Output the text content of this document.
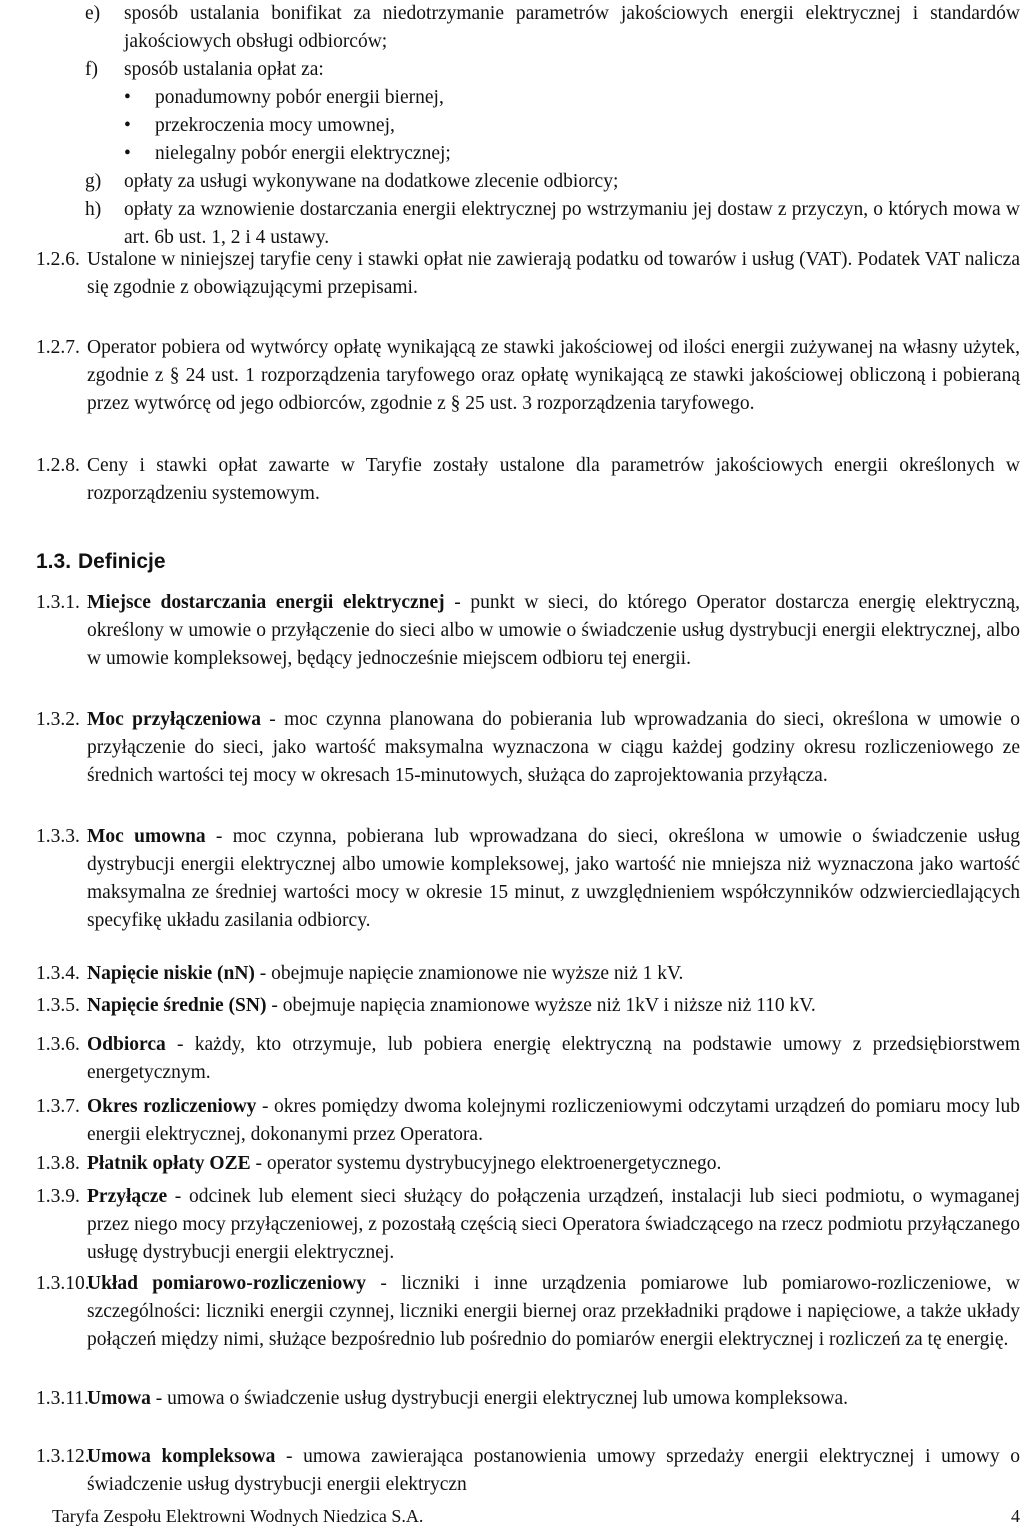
e) sposób ustalania bonifikat za niedotrzymanie parametrów jakościowych energii elektrycznej i standardów jakościowych obsługi odbiorców;
f) sposób ustalania opłat za:
• ponadumowny pobór energii biernej,
• przekroczenia mocy umownej,
• nielegalny pobór energii elektrycznej;
g) opłaty za usługi wykonywane na dodatkowe zlecenie odbiorcy;
h) opłaty za wznowienie dostarczania energii elektrycznej po wstrzymaniu jej dostaw z przyczyn, o których mowa w art. 6b ust. 1, 2 i 4 ustawy.
1.2.6. Ustalone w niniejszej taryfie ceny i stawki opłat nie zawierają podatku od towarów i usług (VAT). Podatek VAT nalicza się zgodnie z obowiązującymi przepisami.
1.2.7. Operator pobiera od wytwórcy opłatę wynikającą ze stawki jakościowej od ilości energii zużywanej na własny użytek, zgodnie z § 24 ust. 1 rozporządzenia taryfowego oraz opłatę wynikającą ze stawki jakościowej obliczoną i pobieraną przez wytwórcę od jego odbiorców, zgodnie z § 25 ust. 3 rozporządzenia taryfowego.
1.2.8. Ceny i stawki opłat zawarte w Taryfie zostały ustalone dla parametrów jakościowych energii określonych w rozporządzeniu systemowym.
1.3. Definicje
1.3.1. Miejsce dostarczania energii elektrycznej - punkt w sieci, do którego Operator dostarcza energię elektryczną, określony w umowie o przyłączenie do sieci albo w umowie o świadczenie usług dystrybucji energii elektrycznej, albo w umowie kompleksowej, będący jednocześnie miejscem odbioru tej energii.
1.3.2. Moc przyłączeniowa - moc czynna planowana do pobierania lub wprowadzania do sieci, określona w umowie o przyłączenie do sieci, jako wartość maksymalna wyznaczona w ciągu każdej godziny okresu rozliczeniowego ze średnich wartości tej mocy w okresach 15-minutowych, służąca do zaprojektowania przyłącza.
1.3.3. Moc umowna - moc czynna, pobierana lub wprowadzana do sieci, określona w umowie o świadczenie usług dystrybucji energii elektrycznej albo umowie kompleksowej, jako wartość nie mniejsza niż wyznaczona jako wartość maksymalna ze średniej wartości mocy w okresie 15 minut, z uwzględnieniem współczynników odzwierciedlających specyfikę układu zasilania odbiorcy.
1.3.4. Napięcie niskie (nN) - obejmuje napięcie znamionowe nie wyższe niż 1 kV.
1.3.5. Napięcie średnie (SN) - obejmuje napięcia znamionowe wyższe niż 1kV i niższe niż 110 kV.
1.3.6. Odbiorca - każdy, kto otrzymuje, lub pobiera energię elektryczną na podstawie umowy z przedsiębiorstwem energetycznym.
1.3.7. Okres rozliczeniowy - okres pomiędzy dwoma kolejnymi rozliczeniowymi odczytami urządzeń do pomiaru mocy lub energii elektrycznej, dokonanymi przez Operatora.
1.3.8. Płatnik opłaty OZE - operator systemu dystrybucyjnego elektroenergetycznego.
1.3.9. Przyłącze - odcinek lub element sieci służący do połączenia urządzeń, instalacji lub sieci podmiotu, o wymaganej przez niego mocy przyłączeniowej, z pozostałą częścią sieci Operatora świadczącego na rzecz podmiotu przyłączanego usługę dystrybucji energii elektrycznej.
1.3.10.
Układ pomiarowo-rozliczeniowy - liczniki i inne urządzenia pomiarowe lub pomiarowo-rozliczeniowe, w szczególności: liczniki energii czynnej, liczniki energii biernej oraz przekładniki prądowe i napięciowe, a także układy połączeń między nimi, służące bezpośrednio lub pośrednio do pomiarów energii elektrycznej i rozliczeń za tę energię.
1.3.11.
Umowa - umowa o świadczenie usług dystrybucji energii elektrycznej lub umowa kompleksowa.
1.3.12.
Umowa kompleksowa - umowa zawierająca postanowienia umowy sprzedaży energii elektrycznej i umowy o świadczenie usług dystrybucji energii elektryczn
Taryfa Zespołu Elektrowni Wodnych Niedzica S.A.	4
